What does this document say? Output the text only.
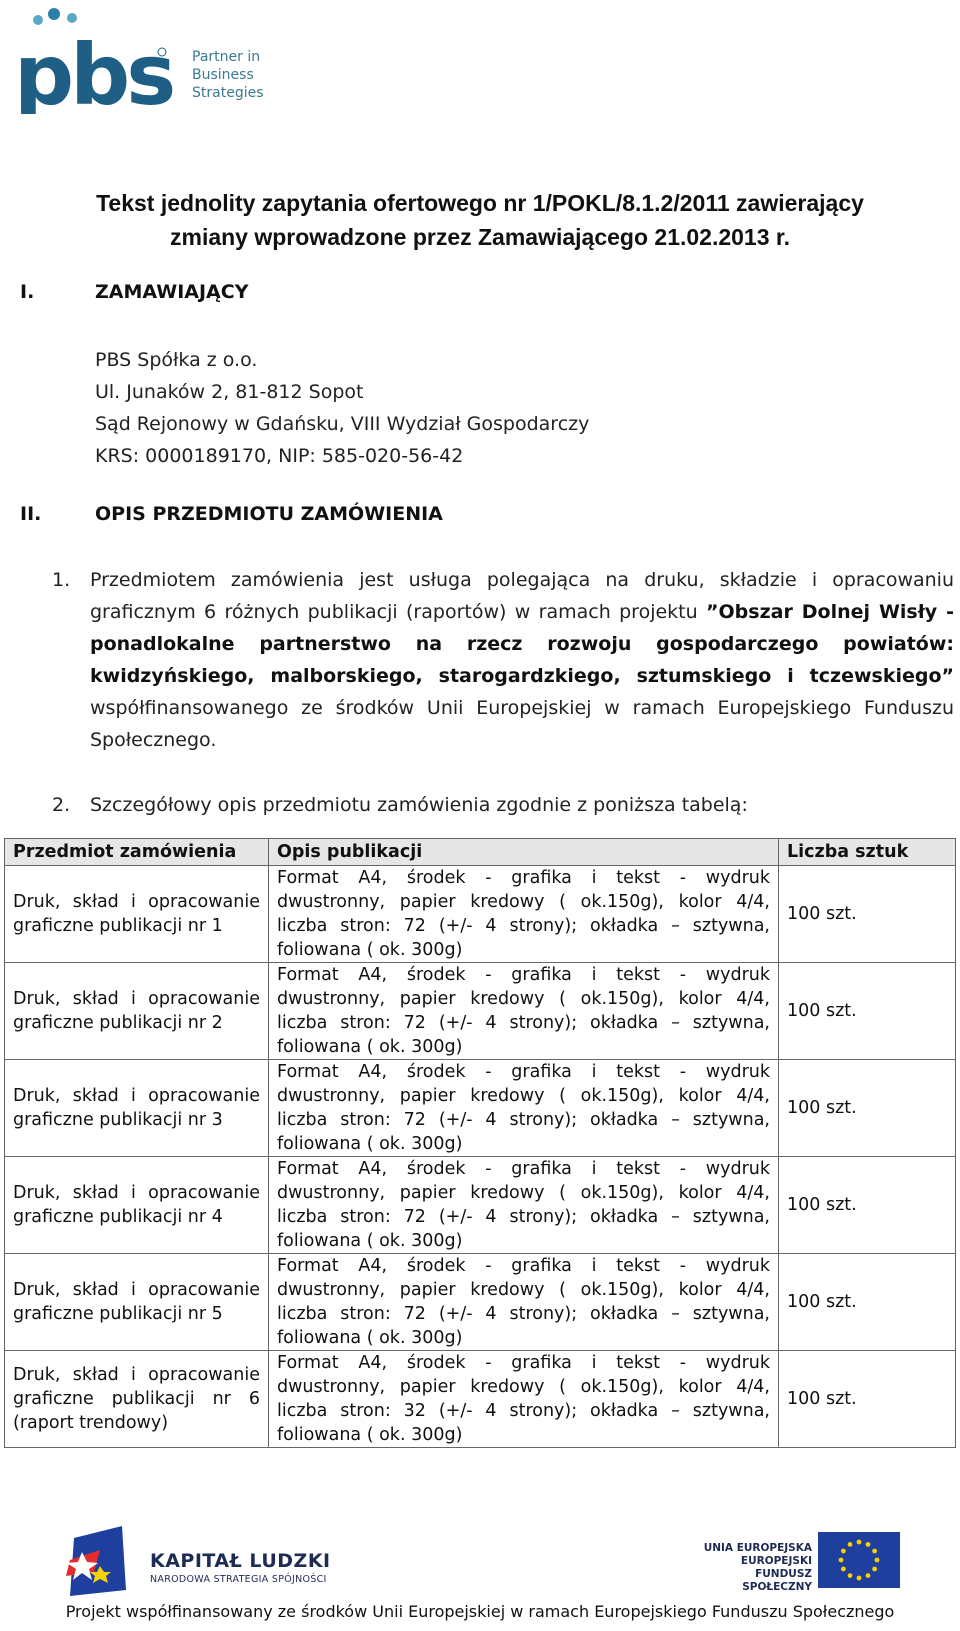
pbs Partner in
Business
Strategies
Tekst jednolity zapytania ofertowego nr 1/POKL/8.1.2/2011 zawierający
zmiany wprowadzone przez Zamawiającego 21.02.2013 r.
I.	ZAMAWIAJĄCY
PBS Spółka z o.o.
Ul. Junaków 2, 81-812 Sopot
Sąd Rejonowy w Gdańsku, VIII Wydział Gospodarczy
KRS: 0000189170, NIP: 585-020-56-42
II.	OPIS PRZEDMIOTU ZAMÓWIENIA
1. Przedmiotem zamówienia jest usługa polegająca na druku, składzie i opracowaniu graficznym 6 różnych publikacji (raportów) w ramach projektu ”Obszar Dolnej Wisły - ponadlokalne partnerstwo na rzecz rozwoju gospodarczego powiatów: kwidzyńskiego, malborskiego, starogardzkiego, sztumskiego i tczewskiego” współfinansowanego ze środków Unii Europejskiej w ramach Europejskiego Funduszu Społecznego.
2. Szczegółowy opis przedmiotu zamówienia zgodnie z poniższa tabelą:
Przedmiot zamówienia	Opis publikacji	Liczba sztuk
Druk, skład i opracowanie graficzne publikacji nr 1	Format A4, środek - grafika i tekst - wydruk dwustronny, papier kredowy ( ok.150g), kolor 4/4, liczba stron: 72 (+/- 4 strony); okładka – sztywna, foliowana ( ok. 300g)	100 szt.
Druk, skład i opracowanie graficzne publikacji nr 2	Format A4, środek - grafika i tekst - wydruk dwustronny, papier kredowy ( ok.150g), kolor 4/4, liczba stron: 72 (+/- 4 strony); okładka – sztywna, foliowana ( ok. 300g)	100 szt.
Druk, skład i opracowanie graficzne publikacji nr 3	Format A4, środek - grafika i tekst - wydruk dwustronny, papier kredowy ( ok.150g), kolor 4/4, liczba stron: 72 (+/- 4 strony); okładka – sztywna, foliowana ( ok. 300g)	100 szt.
Druk, skład i opracowanie graficzne publikacji nr 4	Format A4, środek - grafika i tekst - wydruk dwustronny, papier kredowy ( ok.150g), kolor 4/4, liczba stron: 72 (+/- 4 strony); okładka – sztywna, foliowana ( ok. 300g)	100 szt.
Druk, skład i opracowanie graficzne publikacji nr 5	Format A4, środek - grafika i tekst - wydruk dwustronny, papier kredowy ( ok.150g), kolor 4/4, liczba stron: 72 (+/- 4 strony); okładka – sztywna, foliowana ( ok. 300g)	100 szt.
Druk, skład i opracowanie graficzne publikacji nr 6 (raport trendowy)	Format A4, środek - grafika i tekst - wydruk dwustronny, papier kredowy ( ok.150g), kolor 4/4, liczba stron: 32 (+/- 4 strony); okładka – sztywna, foliowana ( ok. 300g)	100 szt.
KAPITAŁ LUDZKI
NARODOWA STRATEGIA SPÓJNOŚCI
UNIA EUROPEJSKA
EUROPEJSKI
FUNDUSZ SPOŁECZNY
Projekt współfinansowany ze środków Unii Europejskiej w ramach Europejskiego Funduszu Społecznego
